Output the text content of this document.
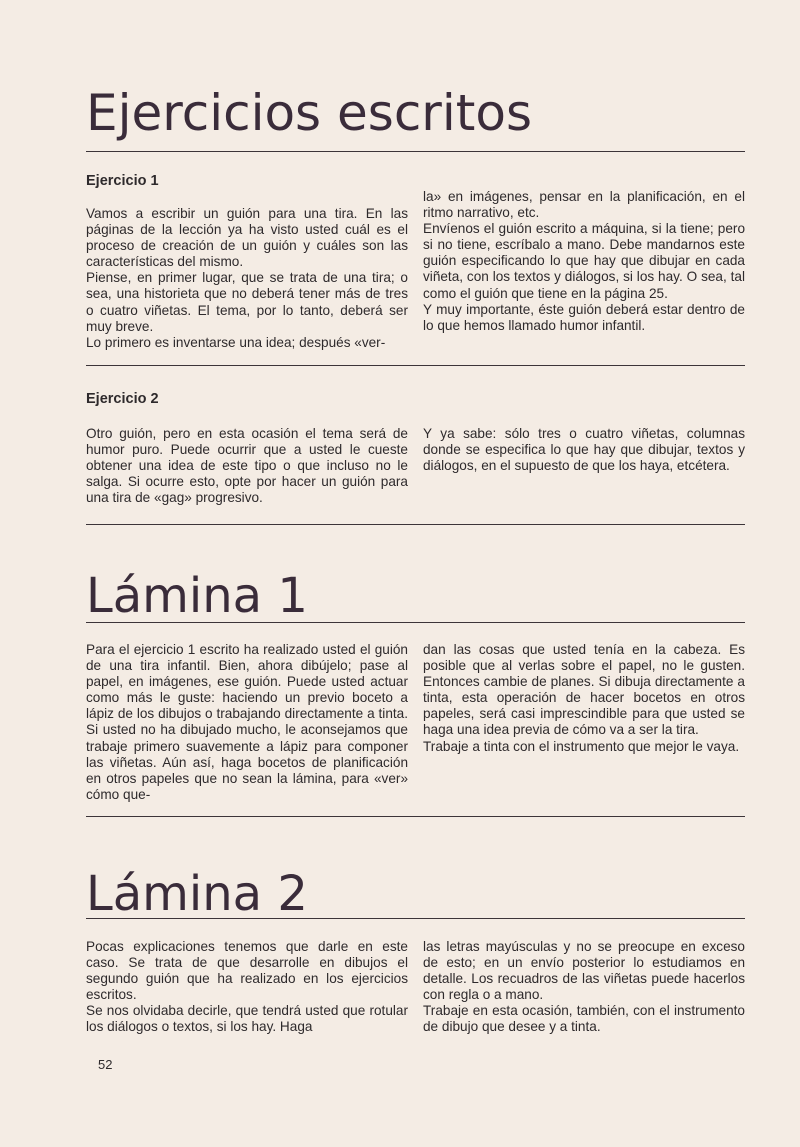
Ejercicios escritos
Ejercicio 1

Vamos a escribir un guión para una tira. En las páginas de la lección ya ha visto usted cuál es el proceso de creación de un guión y cuáles son las características del mismo.

Piense, en primer lugar, que se trata de una tira; o sea, una historieta que no deberá tener más de tres o cuatro viñetas. El tema, por lo tanto, deberá ser muy breve.

Lo primero es inventarse una idea; después «ver-

la» en imágenes, pensar en la planificación, en el ritmo narrativo, etc.

Envíenos el guión escrito a máquina, si la tiene; pero si no tiene, escríbalo a mano. Debe mandarnos este guión especificando lo que hay que dibujar en cada viñeta, con los textos y diálogos, si los hay. O sea, tal como el guión que tiene en la página 25.

Y muy importante, éste guión deberá estar dentro de lo que hemos llamado humor infantil.

Ejercicio 2

Otro guión, pero en esta ocasión el tema será de humor puro. Puede ocurrir que a usted le cueste obtener una idea de este tipo o que incluso no le salga. Si ocurre esto, opte por hacer un guión para una tira de «gag» progresivo.

Y ya sabe: sólo tres o cuatro viñetas, columnas donde se especifica lo que hay que dibujar, textos y diálogos, en el supuesto de que los haya, etcétera.

Lámina 1

Para el ejercicio 1 escrito ha realizado usted el guión de una tira infantil. Bien, ahora dibújelo; pase al papel, en imágenes, ese guión. Puede usted actuar como más le guste: haciendo un previo boceto a lápiz de los dibujos o trabajando directamente a tinta. Si usted no ha dibujado mucho, le aconsejamos que trabaje primero suavemente a lápiz para componer las viñetas. Aún así, haga bocetos de planificación en otros papeles que no sean la lámina, para «ver» cómo que-

dan las cosas que usted tenía en la cabeza. Es posible que al verlas sobre el papel, no le gusten. Entonces cambie de planes. Si dibuja directamente a tinta, esta operación de hacer bocetos en otros papeles, será casi imprescindible para que usted se haga una idea previa de cómo va a ser la tira.

Trabaje a tinta con el instrumento que mejor le vaya.

Lámina 2

Pocas explicaciones tenemos que darle en este caso. Se trata de que desarrolle en dibujos el segundo guión que ha realizado en los ejercicios escritos.

Se nos olvidaba decirle, que tendrá usted que rotular los diálogos o textos, si los hay. Haga

las letras mayúsculas y no se preocupe en exceso de esto; en un envío posterior lo estudiamos en detalle. Los recuadros de las viñetas puede hacerlos con regla o a mano.

Trabaje en esta ocasión, también, con el instrumento de dibujo que desee y a tinta.

52
